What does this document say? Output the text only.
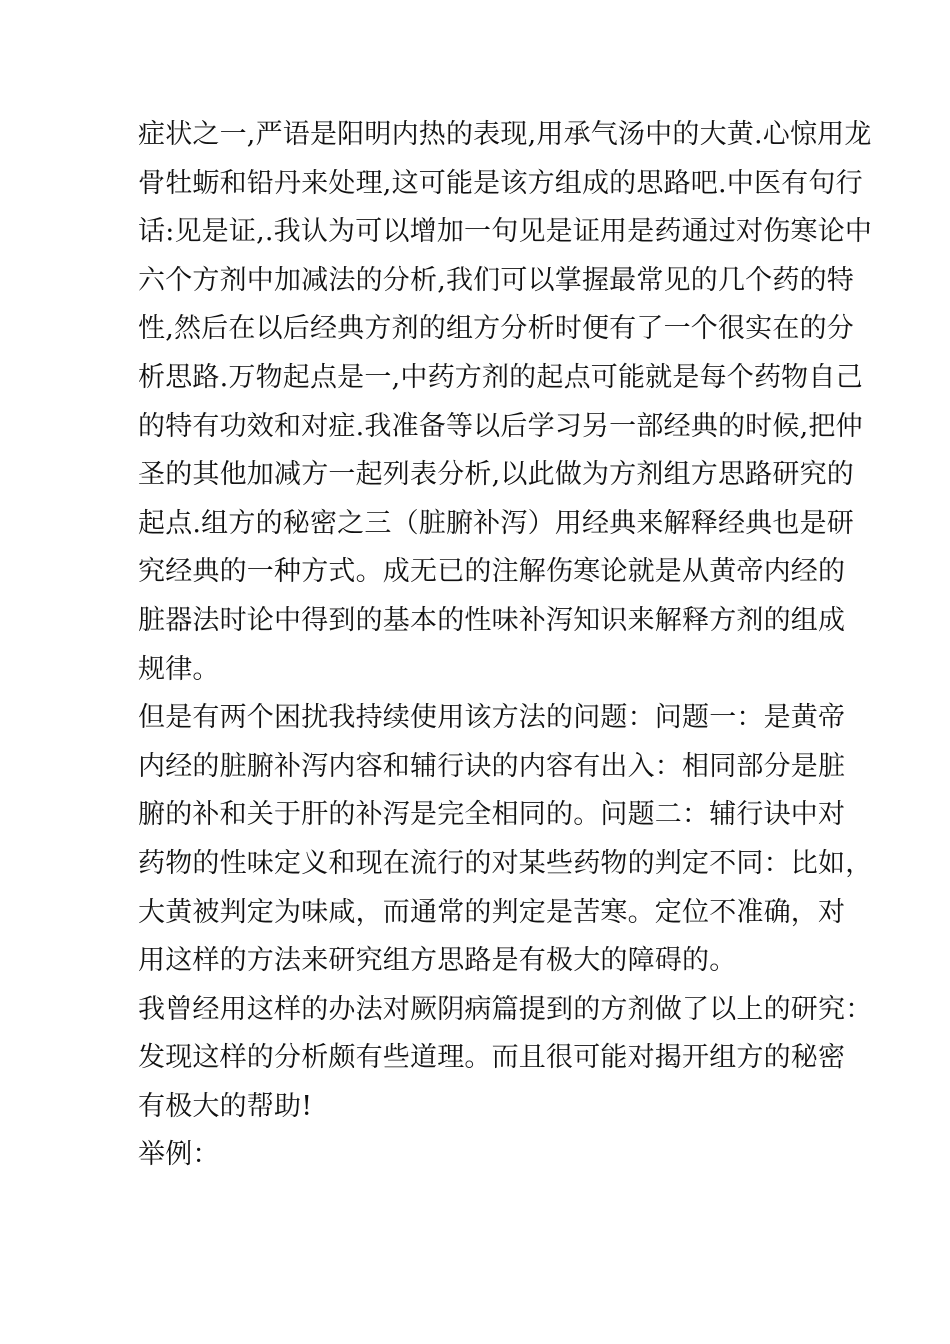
症状之一,严语是阳明内热的表现,用承气汤中的大黄.心惊用龙
骨牡蛎和铅丹来处理,这可能是该方组成的思路吧.中医有句行
话:见是证,.我认为可以增加一句见是证用是药通过对伤寒论中
六个方剂中加减法的分析,我们可以掌握最常见的几个药的特
性,然后在以后经典方剂的组方分析时便有了一个很实在的分
析思路.万物起点是一,中药方剂的起点可能就是每个药物自己
的特有功效和对症.我准备等以后学习另一部经典的时候,把仲
圣的其他加减方一起列表分析,以此做为方剂组方思路研究的
起点.组方的秘密之三（脏腑补泻）用经典来解释经典也是研
究经典的一种方式。成无已的注解伤寒论就是从黄帝内经的
脏器法时论中得到的基本的性味补泻知识来解释方剂的组成
规律。
但是有两个困扰我持续使用该方法的问题：问题一：是黄帝
内经的脏腑补泻内容和辅行诀的内容有出入：相同部分是脏
腑的补和关于肝的补泻是完全相同的。问题二：辅行诀中对
药物的性味定义和现在流行的对某些药物的判定不同：比如，
大黄被判定为味咸，而通常的判定是苦寒。定位不准确，对
用这样的方法来研究组方思路是有极大的障碍的。
我曾经用这样的办法对厥阴病篇提到的方剂做了以上的研究：
发现这样的分析颇有些道理。而且很可能对揭开组方的秘密
有极大的帮助!
举例：
